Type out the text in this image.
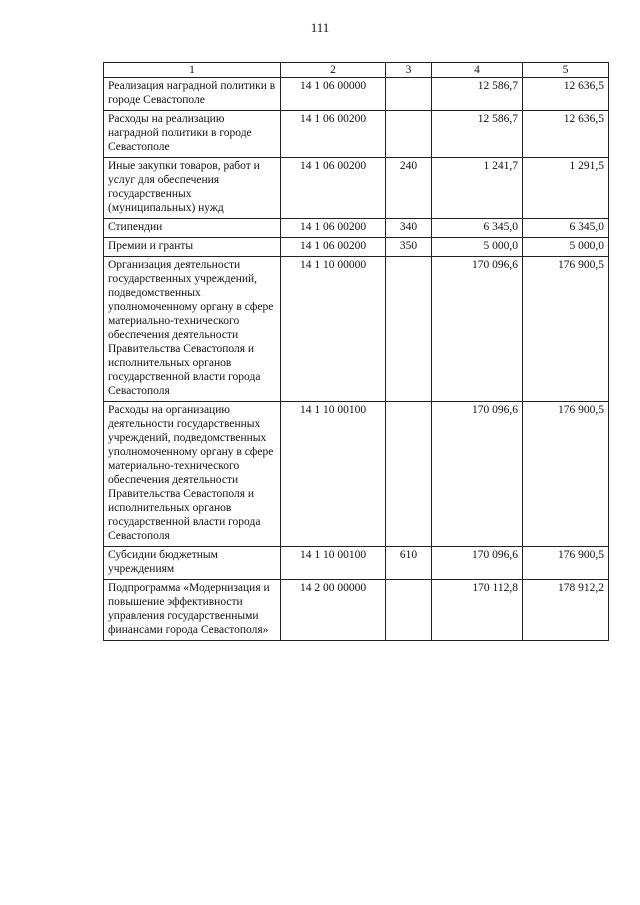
111
1	2	3	4	5
Реализация наградной политики в городе Севастополе	14 1 06 00000		12 586,7	12 636,5
Расходы на реализацию наградной политики в городе Севастополе	14 1 06 00200		12 586,7	12 636,5
Иные закупки товаров, работ и услуг для обеспечения государственных (муниципальных) нужд	14 1 06 00200	240	1 241,7	1 291,5
Стипендии	14 1 06 00200	340	6 345,0	6 345,0
Премии и гранты	14 1 06 00200	350	5 000,0	5 000,0
Организация деятельности государственных учреждений, подведомственных уполномоченному органу в сфере материально-технического обеспечения деятельности Правительства Севастополя и исполнительных органов государственной власти города Севастополя	14 1 10 00000		170 096,6	176 900,5
Расходы на организацию деятельности государственных учреждений, подведомственных уполномоченному органу в сфере материально-технического обеспечения деятельности Правительства Севастополя и исполнительных органов государственной власти города Севастополя	14 1 10 00100		170 096,6	176 900,5
Субсидии бюджетным учреждениям	14 1 10 00100	610	170 096,6	176 900,5
Подпрограмма «Модернизация и повышение эффективности управления государственными финансами города Севастополя»	14 2 00 00000		170 112,8	178 912,2
